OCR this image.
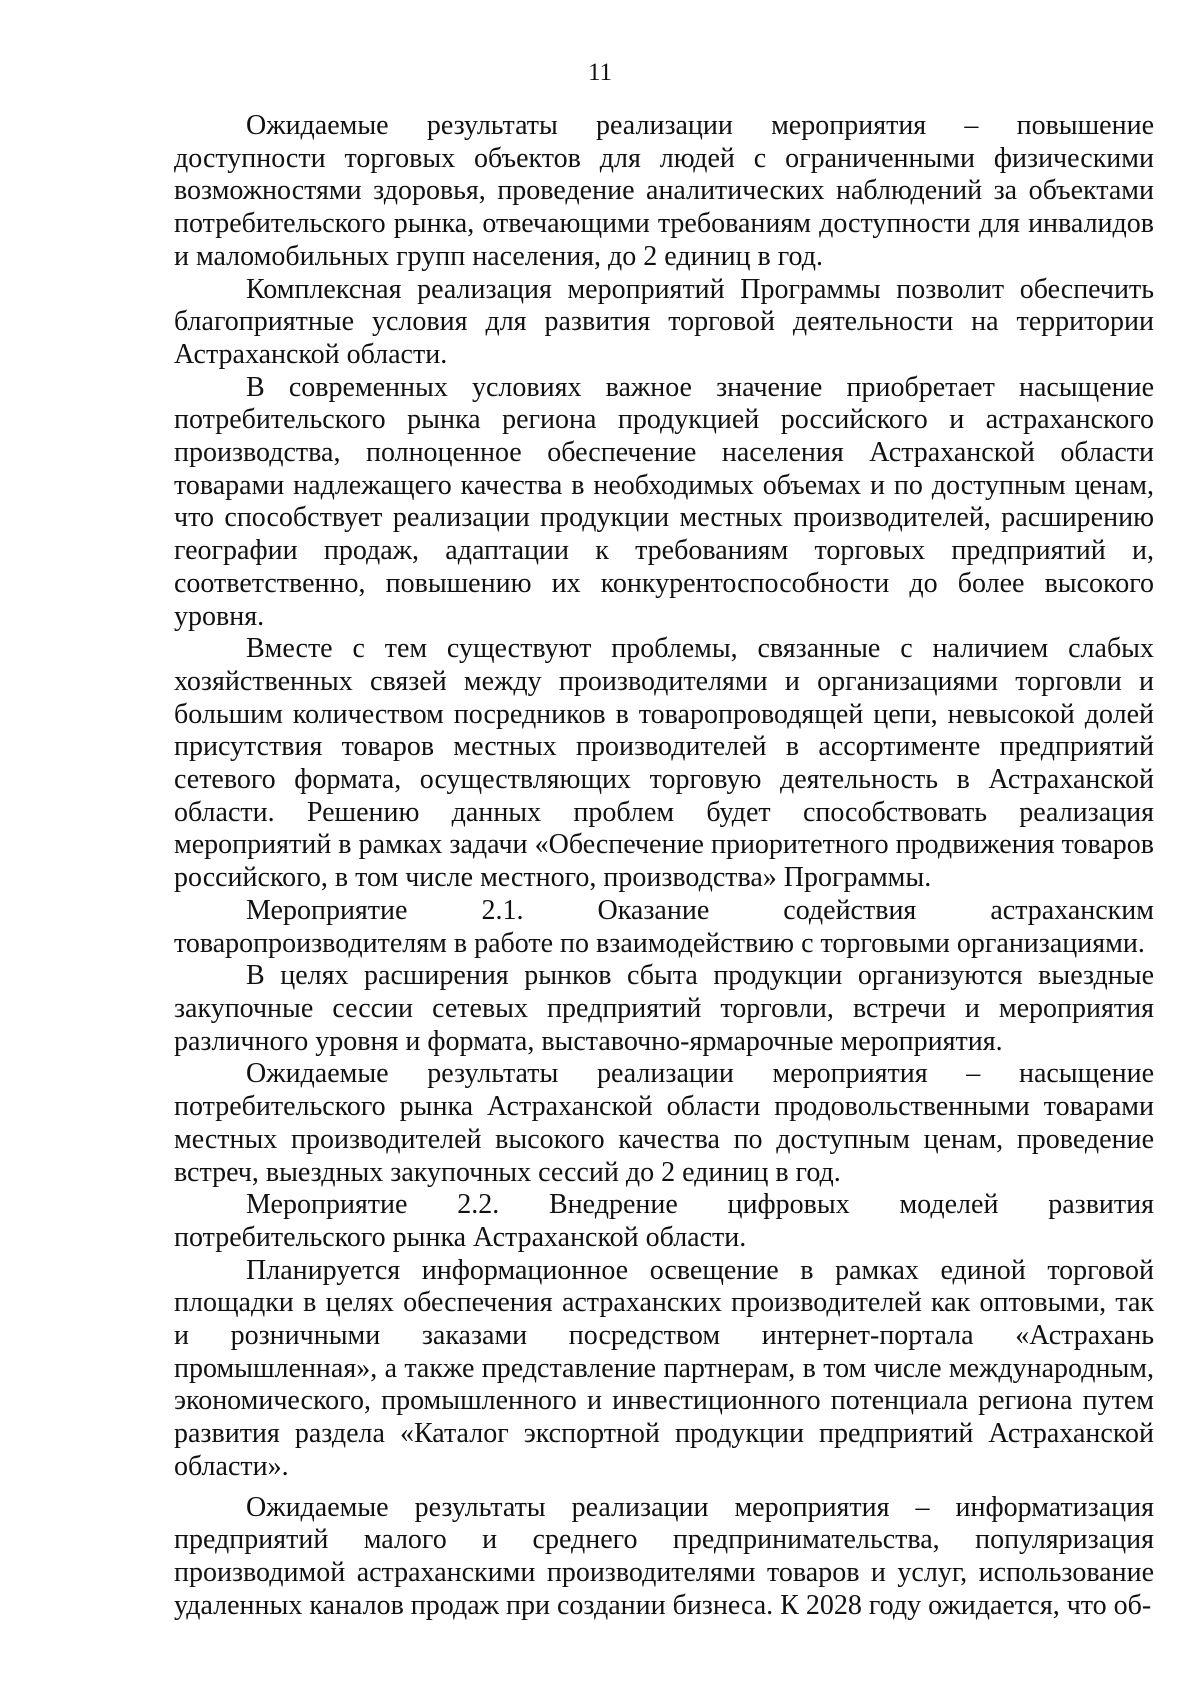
11

Ожидаемые результаты реализации мероприятия – повышение доступности торговых объектов для людей с ограниченными физическими возможностями здоровья, проведение аналитических наблюдений за объектами потребительского рынка, отвечающими требованиям доступности для инвалидов и маломобильных групп населения, до 2 единиц в год.

Комплексная реализация мероприятий Программы позволит обеспечить благоприятные условия для развития торговой деятельности на территории Астраханской области.

В современных условиях важное значение приобретает насыщение потребительского рынка региона продукцией российского и астраханского производства, полноценное обеспечение населения Астраханской области товарами надлежащего качества в необходимых объемах и по доступным ценам, что способствует реализации продукции местных производителей, расширению географии продаж, адаптации к требованиям торговых предприятий и, соответственно, повышению их конкурентоспособности до более высокого уровня.

Вместе с тем существуют проблемы, связанные с наличием слабых хозяйственных связей между производителями и организациями торговли и большим количеством посредников в товаропроводящей цепи, невысокой долей присутствия товаров местных производителей в ассортименте предприятий сетевого формата, осуществляющих торговую деятельность в Астраханской области. Решению данных проблем будет способствовать реализация мероприятий в рамках задачи «Обеспечение приоритетного продвижения товаров российского, в том числе местного, производства» Программы.

Мероприятие 2.1. Оказание содействия астраханским товаропроизводителям в работе по взаимодействию с торговыми организациями.

В целях расширения рынков сбыта продукции организуются выездные закупочные сессии сетевых предприятий торговли, встречи и мероприятия различного уровня и формата, выставочно-ярмарочные мероприятия.

Ожидаемые результаты реализации мероприятия – насыщение потребительского рынка Астраханской области продовольственными товарами местных производителей высокого качества по доступным ценам, проведение встреч, выездных закупочных сессий до 2 единиц в год.

Мероприятие 2.2. Внедрение цифровых моделей развития потребительского рынка Астраханской области.

Планируется информационное освещение в рамках единой торговой площадки в целях обеспечения астраханских производителей как оптовыми, так и розничными заказами посредством интернет-портала «Астрахань промышленная», а также представление партнерам, в том числе международным, экономического, промышленного и инвестиционного потенциала региона путем развития раздела «Каталог экспортной продукции предприятий Астраханской области».

Ожидаемые результаты реализации мероприятия – информатизация предприятий малого и среднего предпринимательства, популяризация производимой астраханскими производителями товаров и услуг, использование удаленных каналов продаж при создании бизнеса. К 2028 году ожидается, что об-
